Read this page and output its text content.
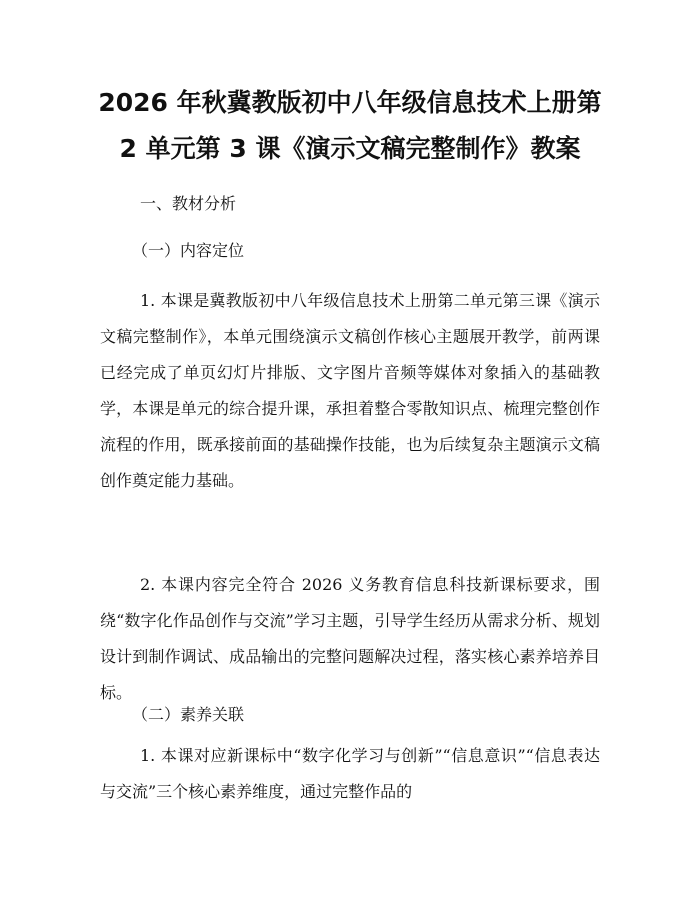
2026 年秋冀教版初中八年级信息技术上册第
2 单元第 3 课《演示文稿完整制作》教案

一、教材分析

（一）内容定位

1. 本课是冀教版初中八年级信息技术上册第二单元第三课《演示文稿完整制作》，本单元围绕演示文稿创作核心主题展开教学，前两课已经完成了单页幻灯片排版、文字图片音频等媒体对象插入的基础教学，本课是单元的综合提升课，承担着整合零散知识点、梳理完整创作流程的作用，既承接前面的基础操作技能，也为后续复杂主题演示文稿创作奠定能力基础。

2. 本课内容完全符合 2026 义务教育信息科技新课标要求，围绕“数字化作品创作与交流”学习主题，引导学生经历从需求分析、规划设计到制作调试、成品输出的完整问题解决过程，落实核心素养培养目标。

（二）素养关联

1. 本课对应新课标中“数字化学习与创新”“信息意识”“信息表达与交流”三个核心素养维度，通过完整作品的
